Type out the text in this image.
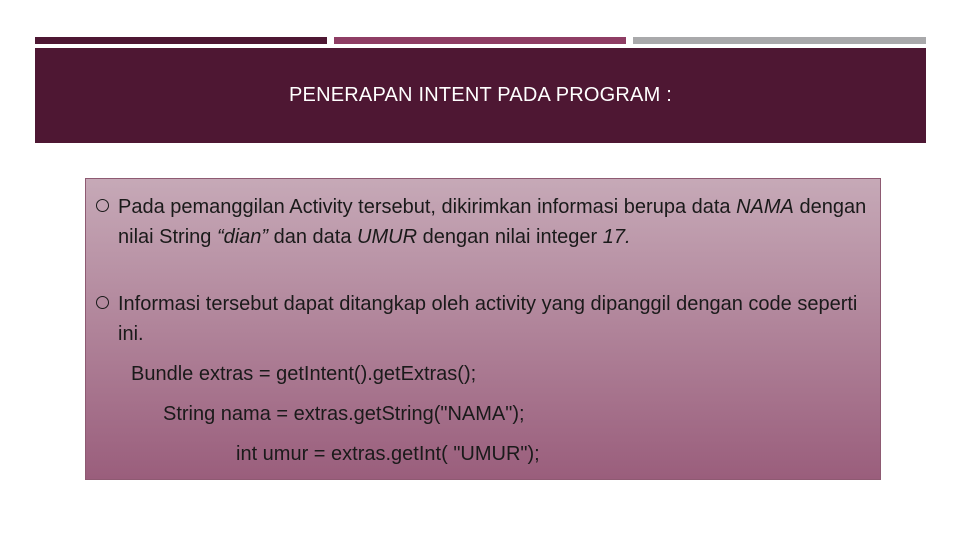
PENERAPAN INTENT PADA PROGRAM :
Pada pemanggilan Activity tersebut, dikirimkan informasi berupa data NAMA dengan nilai String “dian” dan data UMUR dengan nilai integer 17.
Informasi tersebut dapat ditangkap oleh activity yang dipanggil dengan code seperti ini.
Bundle extras = getIntent().getExtras();
String nama = extras.getString("NAMA");
int umur = extras.getInt( "UMUR");
